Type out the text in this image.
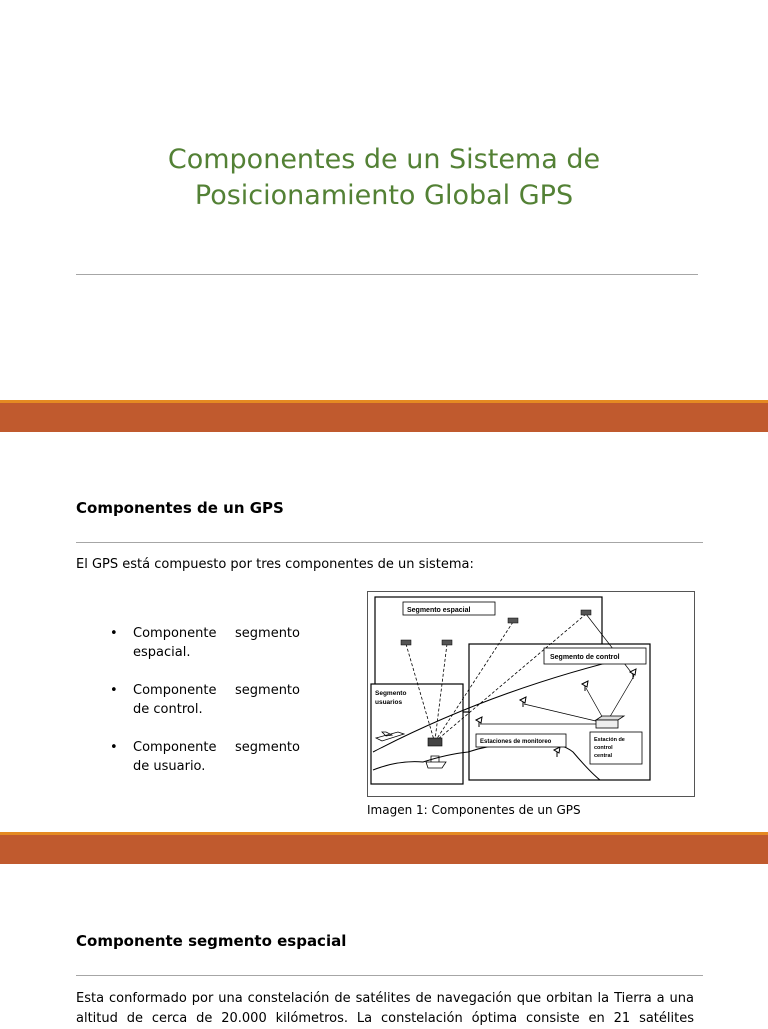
Componentes de un Sistema de
Posicionamiento Global GPS
Componentes de un GPS
El GPS está compuesto por tres componentes de un sistema:
• Componente segmento
espacial.
• Componente segmento
de control.
• Componente segmento
de usuario.
Segmento espacial
Segmento de control
Segmento
usuarios
Estaciones de monitoreo	Estación de
control
central
Imagen 1: Componentes de un GPS
Componente segmento espacial
Esta conformado por una constelación de satélites de navegación que orbitan la Tierra a una
altitud de cerca de 20.000 kilómetros. La constelación óptima consiste en 21 satélites
